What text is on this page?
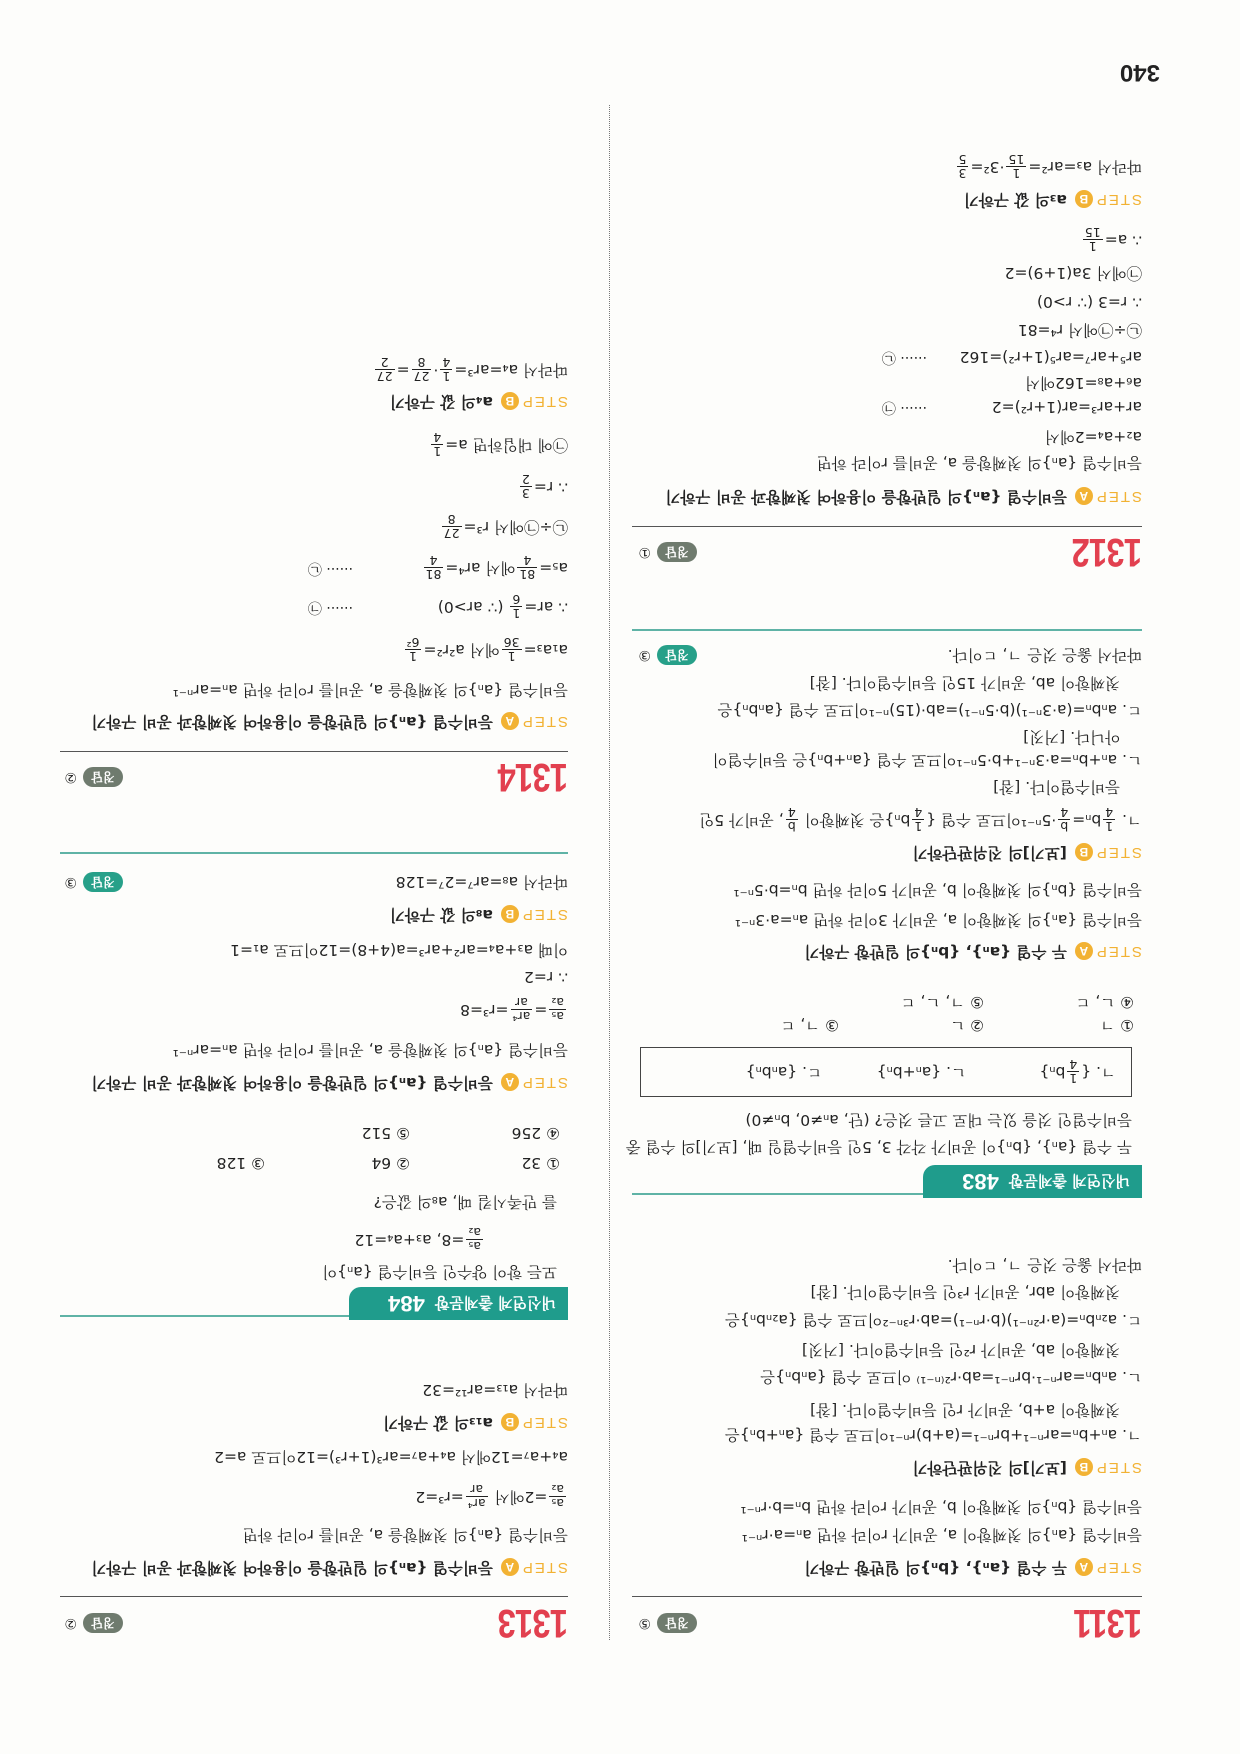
340
1311
정답
⑤
STEPA두 수열 {aₙ}, {bₙ}의 일반항 구하기
등비수열 {aₙ}의 첫째항이 a, 공비가 r이라 하면 aₙ=a·rⁿ⁻¹
등비수열 {bₙ}의 첫째항이 b, 공비가 r이라 하면 bₙ=b·rⁿ⁻¹
STEPB[보기]의 진위판단하기
ㄱ. aₙ+bₙ=arⁿ⁻¹+brⁿ⁻¹=(a+b)rⁿ⁻¹이므로 수열 {aₙ+bₙ}은
첫째항이 a+b, 공비가 r인 등비수열이다. [참]
ㄴ. aₙbₙ=arⁿ⁻¹·brⁿ⁻¹=ab·r²⁽ⁿ⁻¹⁾ 이므로 수열 {aₙbₙ}은
첫째항이 ab, 공비가 r²인 등비수열이다. [거짓]
ㄷ. a₂ₙbₙ=(a·r²ⁿ⁻¹)(b·rⁿ⁻¹)=ab·r³ⁿ⁻²이므로 수열 {a₂ₙbₙ}은
첫째항이 abr, 공비가 r³인 등비수열이다. [참]
따라서 옳은 것은 ㄱ, ㄷ이다.
내신연계 출제문항
483
두 수열 {aₙ}, {bₙ}이 공비가 각각 3, 5인 등비수열일 때, [보기]의 수열 중
등비수열인 것을 있는 대로 고른 것은? (단, aₙ≠0, bₙ≠0)
ㄱ. {
1
4
bₙ}
ㄴ. {aₙ+bₙ}
ㄷ. {aₙbₙ}
① ㄱ
② ㄴ
③ ㄱ, ㄷ
④ ㄴ, ㄷ
⑤ ㄱ, ㄴ, ㄷ
STEPA두 수열 {aₙ}, {bₙ}의 일반항 구하기
등비수열 {aₙ}의 첫째항이 a, 공비가 3이라 하면 aₙ=a·3ⁿ⁻¹
등비수열 {bₙ}의 첫째항이 b, 공비가 5이라 하면 bₙ=b·5ⁿ⁻¹
STEPB[보기]의 진위판단하기
ㄱ.
1
4
bₙ=
b
4
·5ⁿ⁻¹이므로 수열 {
1
4
bₙ}은 첫째항이
b
4
, 공비가 5인
등비수열이다. [참]
ㄴ. aₙ+bₙ=a·3ⁿ⁻¹+b·5ⁿ⁻¹이므로 수열 {aₙ+bₙ}은 등비수열이
아니다. [거짓]
ㄷ. aₙbₙ=(a·3ⁿ⁻¹)(b·5ⁿ⁻¹)=ab·(15)ⁿ⁻¹이므로 수열 {aₙbₙ}은
첫째항이 ab, 공비가 15인 등비수열이다. [참]
따라서 옳은 것은 ㄱ, ㄷ이다.
정답
③
1312
정답
①
STEPA등비수열 {aₙ}의 일반항을 이용하여 첫째항과 공비 구하기
등비수열 {aₙ}의 첫째항을 a, 공비를 r이라 하면
a₂+a₄=2에서
ar+ar³=ar(1+r²)=2
······ ㉠
a₆+a₈=162에서
ar⁵+ar⁷=ar⁵(1+r²)=162
······ ㉡
㉡÷㉠에서 r⁴=81
∴ r=3 (∵ r>0)
㉠에서 3a(1+9)=2
∴ a=
1
15
STEPBa₃의 값 구하기
따라서 a₃=ar²=
1
15
·3²=
3
5
1313
정답
②
STEPA등비수열 {aₙ}의 일반항을 이용하여 첫째항과 공비 구하기
등비수열 {aₙ}의 첫째항을 a, 공비를 r이라 하면
a₅
a₂
=2에서
ar⁴
ar
=r³=2
a₄+a₇=12에서 a₄+a₇=ar³(1+r³)=12이므로 a=2
STEPBa₁₃의 값 구하기
따라서 a₁₃=ar¹²=32
내신연계 출제문항
484
모든 항이 양수인 등비수열 {aₙ}이
a₅
a₂
=8, a₃+a₄=12
를 만족시킬 때, a₈의 값은?
① 32
② 64
③ 128
④ 256
⑤ 512
STEPA등비수열 {aₙ}의 일반항을 이용하여 첫째항과 공비 구하기
등비수열 {aₙ}의 첫째항을 a, 공비를 r이라 하면 aₙ=arⁿ⁻¹
a₅
a₂
=
ar⁴
ar
=r³=8
∴ r=2
이때 a₃+a₄=ar²+ar³=a(4+8)=12이므로 a₁=1
STEPBa₈의 값 구하기
따라서 a₈=ar⁷=2⁷=128
정답
③
1314
정답
②
STEPA등비수열 {aₙ}의 일반항을 이용하여 첫째항과 공비 구하기
등비수열 {aₙ}의 첫째항을 a, 공비를 r이라 하면 aₙ=arⁿ⁻¹
a₁a₃=
1
36
에서 a²r²=
1
6²
∴ ar=
1
6
(∵ ar>0)
······ ㉠
a₅=
81
4
에서 ar⁴=
81
4
······ ㉡
㉡÷㉠에서 r³=
27
8
∴ r=
3
2
㉠에 대입하면 a=
1
4
STEPBa₄의 값 구하기
따라서 a₄=ar³=
1
4
·
27
8
=
27
2
